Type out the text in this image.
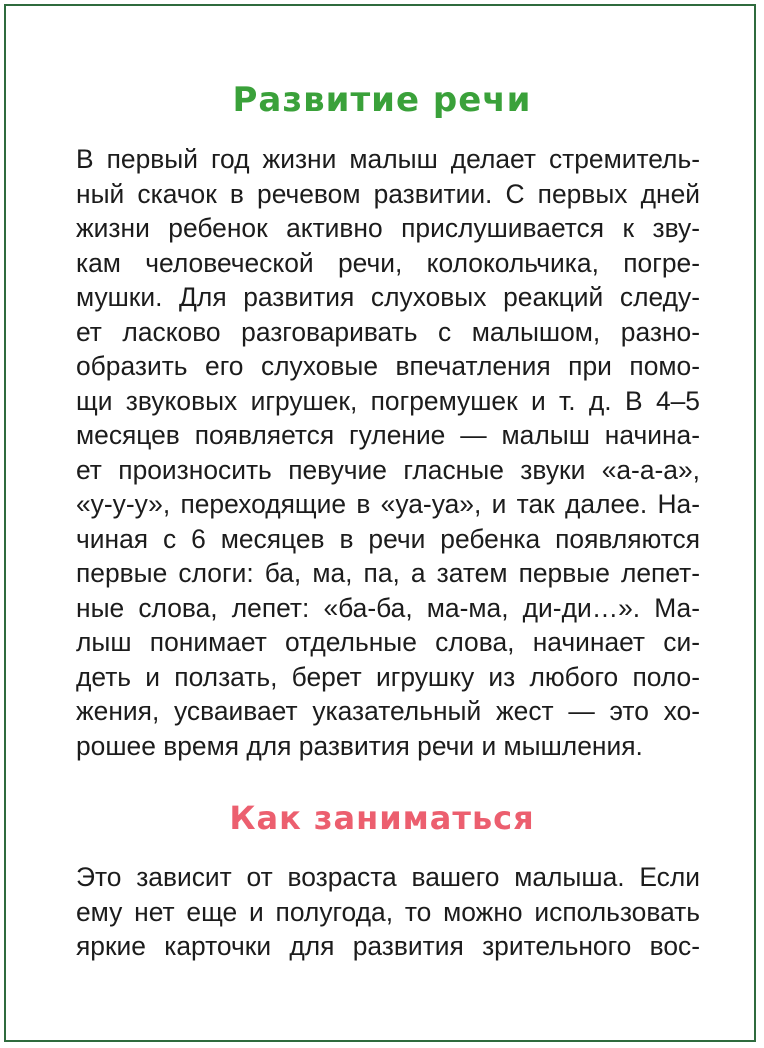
Развитие речи
В первый год жизни малыш делает стремитель-
ный скачок в речевом развитии. С первых дней
жизни ребенок активно прислушивается к зву-
кам человеческой речи, колокольчика, погре-
мушки. Для развития слуховых реакций следу-
ет ласково разговаривать с малышом, разно-
образить его слуховые впечатления при помо-
щи звуковых игрушек, погремушек и т. д. В 4–5
месяцев появляется гуление — малыш начина-
ет произносить певучие гласные звуки «а-а-а»,
«у-у-у», переходящие в «уа-уа», и так далее. На-
чиная с 6 месяцев в речи ребенка появляются
первые слоги: ба, ма, па, а затем первые лепет-
ные слова, лепет: «ба-ба, ма-ма, ди-ди…». Ма-
лыш понимает отдельные слова, начинает си-
деть и ползать, берет игрушку из любого поло-
жения, усваивает указательный жест — это хо-
рошее время для развития речи и мышления.
Как заниматься
Это зависит от возраста вашего малыша. Если
ему нет еще и полугода, то можно использовать
яркие карточки для развития зрительного вос-
